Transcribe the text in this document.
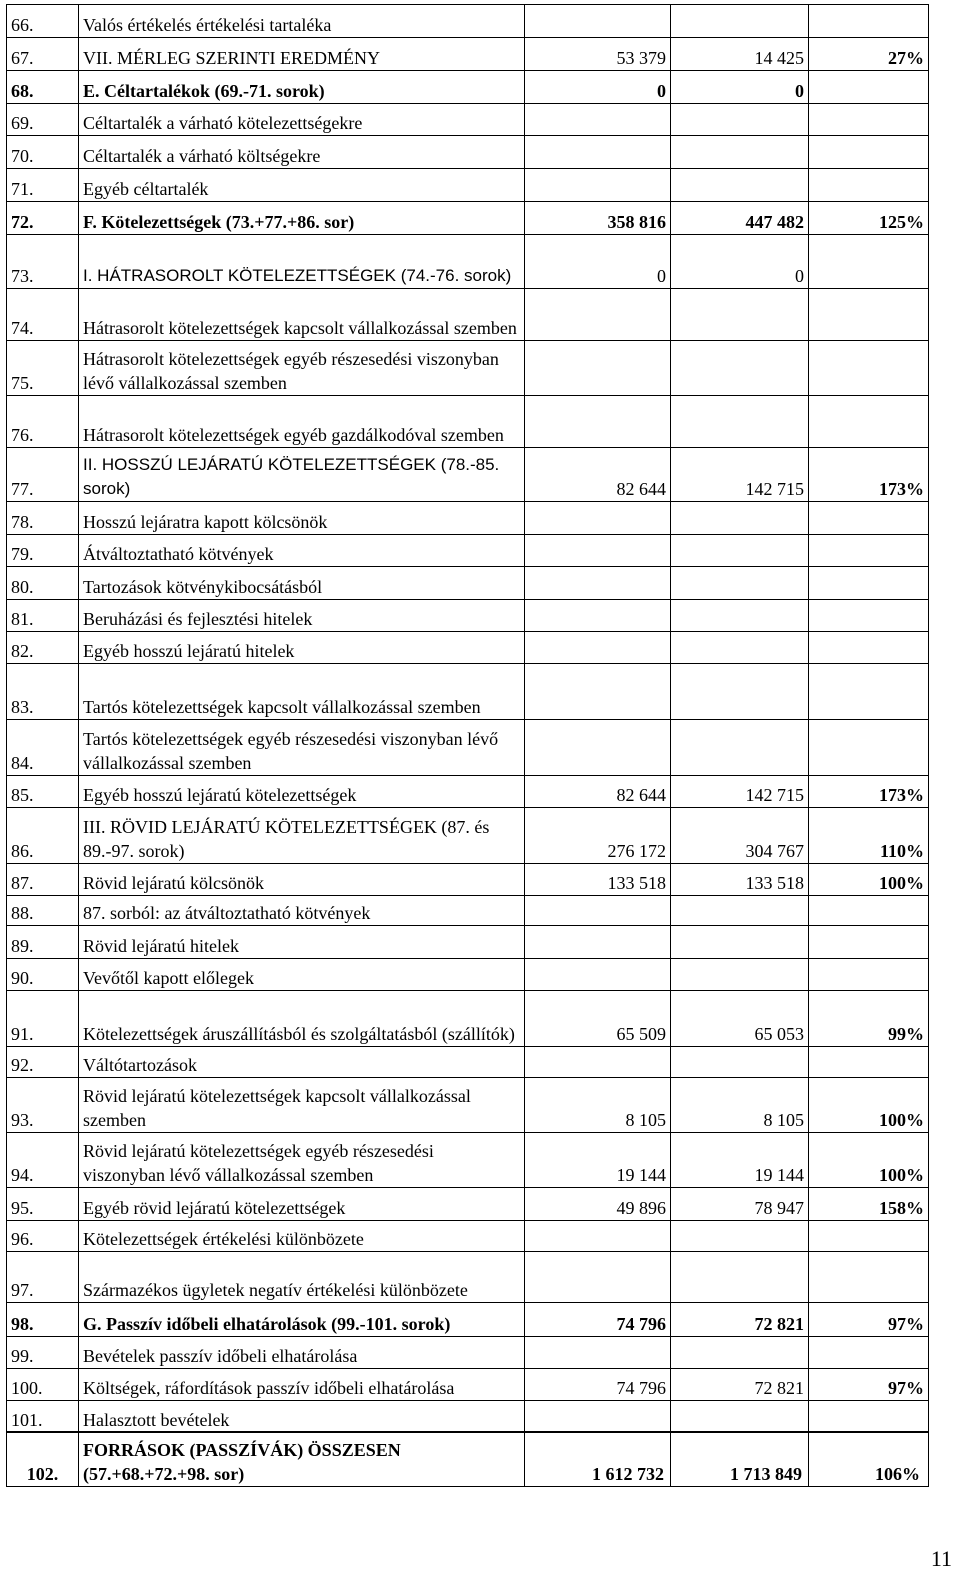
66.	Valós értékelés értékelési tartaléka			
67.	VII. MÉRLEG SZERINTI EREDMÉNY	53 379	14 425	27%
68.	E. Céltartalékok (69.-71. sorok)	0	0	
69.	Céltartalék a várható kötelezettségekre			
70.	Céltartalék a várható költségekre			
71.	Egyéb céltartalék			
72.	F. Kötelezettségek (73.+77.+86. sor)	358 816	447 482	125%
73.	I. HÁTRASOROLT KÖTELEZETTSÉGEK (74.-76. sorok)	0	0	
74.	Hátrasorolt kötelezettségek kapcsolt vállalkozással szemben			
75.	Hátrasorolt kötelezettségek egyéb részesedési viszonyban lévő vállalkozással szemben			
76.	Hátrasorolt kötelezettségek egyéb gazdálkodóval szemben			
77.	II. HOSSZÚ LEJÁRATÚ KÖTELEZETTSÉGEK (78.-85. sorok)	82 644	142 715	173%
78.	Hosszú lejáratra kapott kölcsönök			
79.	Átváltoztatható kötvények			
80.	Tartozások kötvénykibocsátásból			
81.	Beruházási és fejlesztési hitelek			
82.	Egyéb hosszú lejáratú hitelek			
83.	Tartós kötelezettségek kapcsolt vállalkozással szemben			
84.	Tartós kötelezettségek egyéb részesedési viszonyban lévő vállalkozással szemben			
85.	Egyéb hosszú lejáratú kötelezettségek	82 644	142 715	173%
86.	III. RÖVID LEJÁRATÚ KÖTELEZETTSÉGEK (87. és 89.-97. sorok)	276 172	304 767	110%
87.	Rövid lejáratú kölcsönök	133 518	133 518	100%
88.	87. sorból: az átváltoztatható kötvények			
89.	Rövid lejáratú hitelek			
90.	Vevőtől kapott előlegek			
91.	Kötelezettségek áruszállításból és szolgáltatásból (szállítók)	65 509	65 053	99%
92.	Váltótartozások			
93.	Rövid lejáratú kötelezettségek kapcsolt vállalkozással szemben	8 105	8 105	100%
94.	Rövid lejáratú kötelezettségek egyéb részesedési viszonyban lévő vállalkozással szemben	19 144	19 144	100%
95.	Egyéb rövid lejáratú kötelezettségek	49 896	78 947	158%
96.	Kötelezettségek értékelési különbözete			
97.	Származékos ügyletek negatív értékelési különbözete			
98.	G. Passzív időbeli elhatárolások (99.-101. sorok)	74 796	72 821	97%
99.	Bevételek passzív időbeli elhatárolása			
100.	Költségek, ráfordítások passzív időbeli elhatárolása	74 796	72 821	97%
101.	Halasztott bevételek			
102.	FORRÁSOK (PASSZÍVÁK) ÖSSZESEN (57.+68.+72.+98. sor)	1 612 732	1 713 849	106%
11
